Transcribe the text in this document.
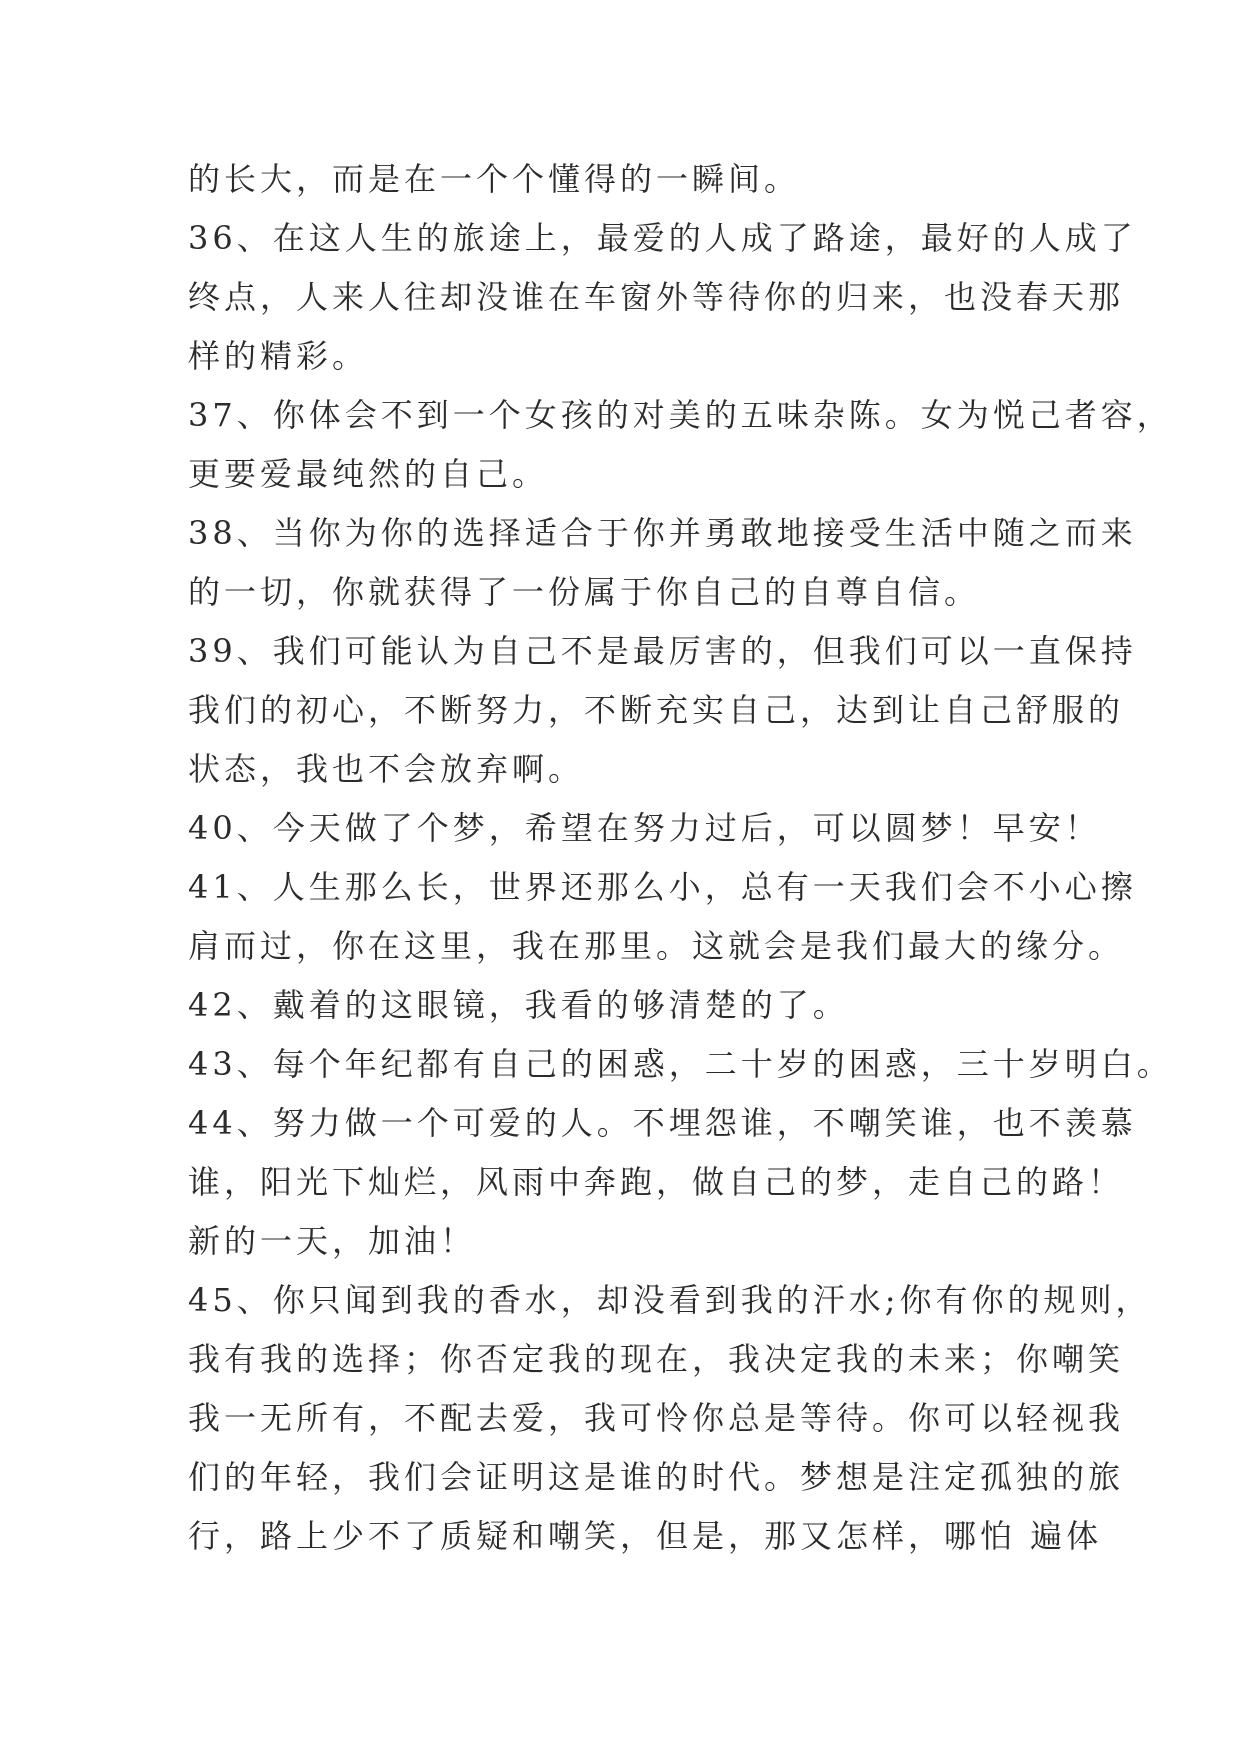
的长大，而是在一个个懂得的一瞬间。
36、在这人生的旅途上，最爱的人成了路途，最好的人成了
终点，人来人往却没谁在车窗外等待你的归来，也没春天那
样的精彩。
37、你体会不到一个女孩的对美的五味杂陈。女为悦己者容，
更要爱最纯然的自己。
38、当你为你的选择适合于你并勇敢地接受生活中随之而来
的一切，你就获得了一份属于你自己的自尊自信。
39、我们可能认为自己不是最厉害的，但我们可以一直保持
我们的初心，不断努力，不断充实自己，达到让自己舒服的
状态，我也不会放弃啊。
40、今天做了个梦，希望在努力过后，可以圆梦！早安！
41、人生那么长，世界还那么小，总有一天我们会不小心擦
肩而过，你在这里，我在那里。这就会是我们最大的缘分。
42、戴着的这眼镜，我看的够清楚的了。
43、每个年纪都有自己的困惑，二十岁的困惑，三十岁明白。
44、努力做一个可爱的人。不埋怨谁，不嘲笑谁，也不羡慕
谁，阳光下灿烂，风雨中奔跑，做自己的梦，走自己的路！
新的一天，加油！
45、你只闻到我的香水，却没看到我的汗水;你有你的规则，
我有我的选择；你否定我的现在，我决定我的未来；你嘲笑
我一无所有，不配去爱，我可怜你总是等待。你可以轻视我
们的年轻，我们会证明这是谁的时代。梦想是注定孤独的旅
行，路上少不了质疑和嘲笑，但是，那又怎样，哪怕 遍体
